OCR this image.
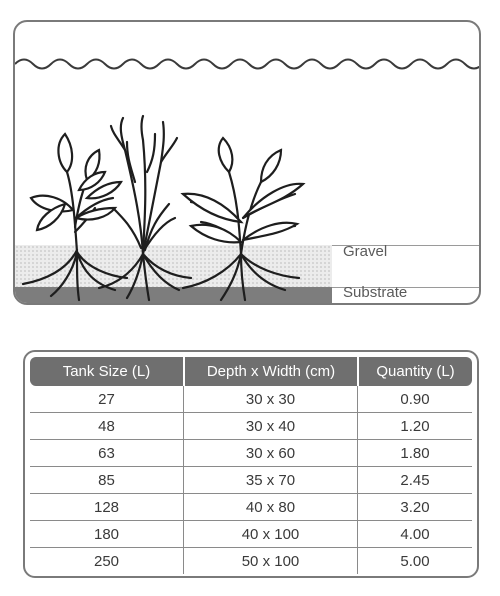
Gravel
Substrate
Tank Size (L)	Depth x Width (cm)	Quantity (L)
27	30 x 30	0.90
48	30 x 40	1.20
63	30 x 60	1.80
85	35 x 70	2.45
128	40 x 80	3.20
180	40 x 100	4.00
250	50 x 100	5.00
